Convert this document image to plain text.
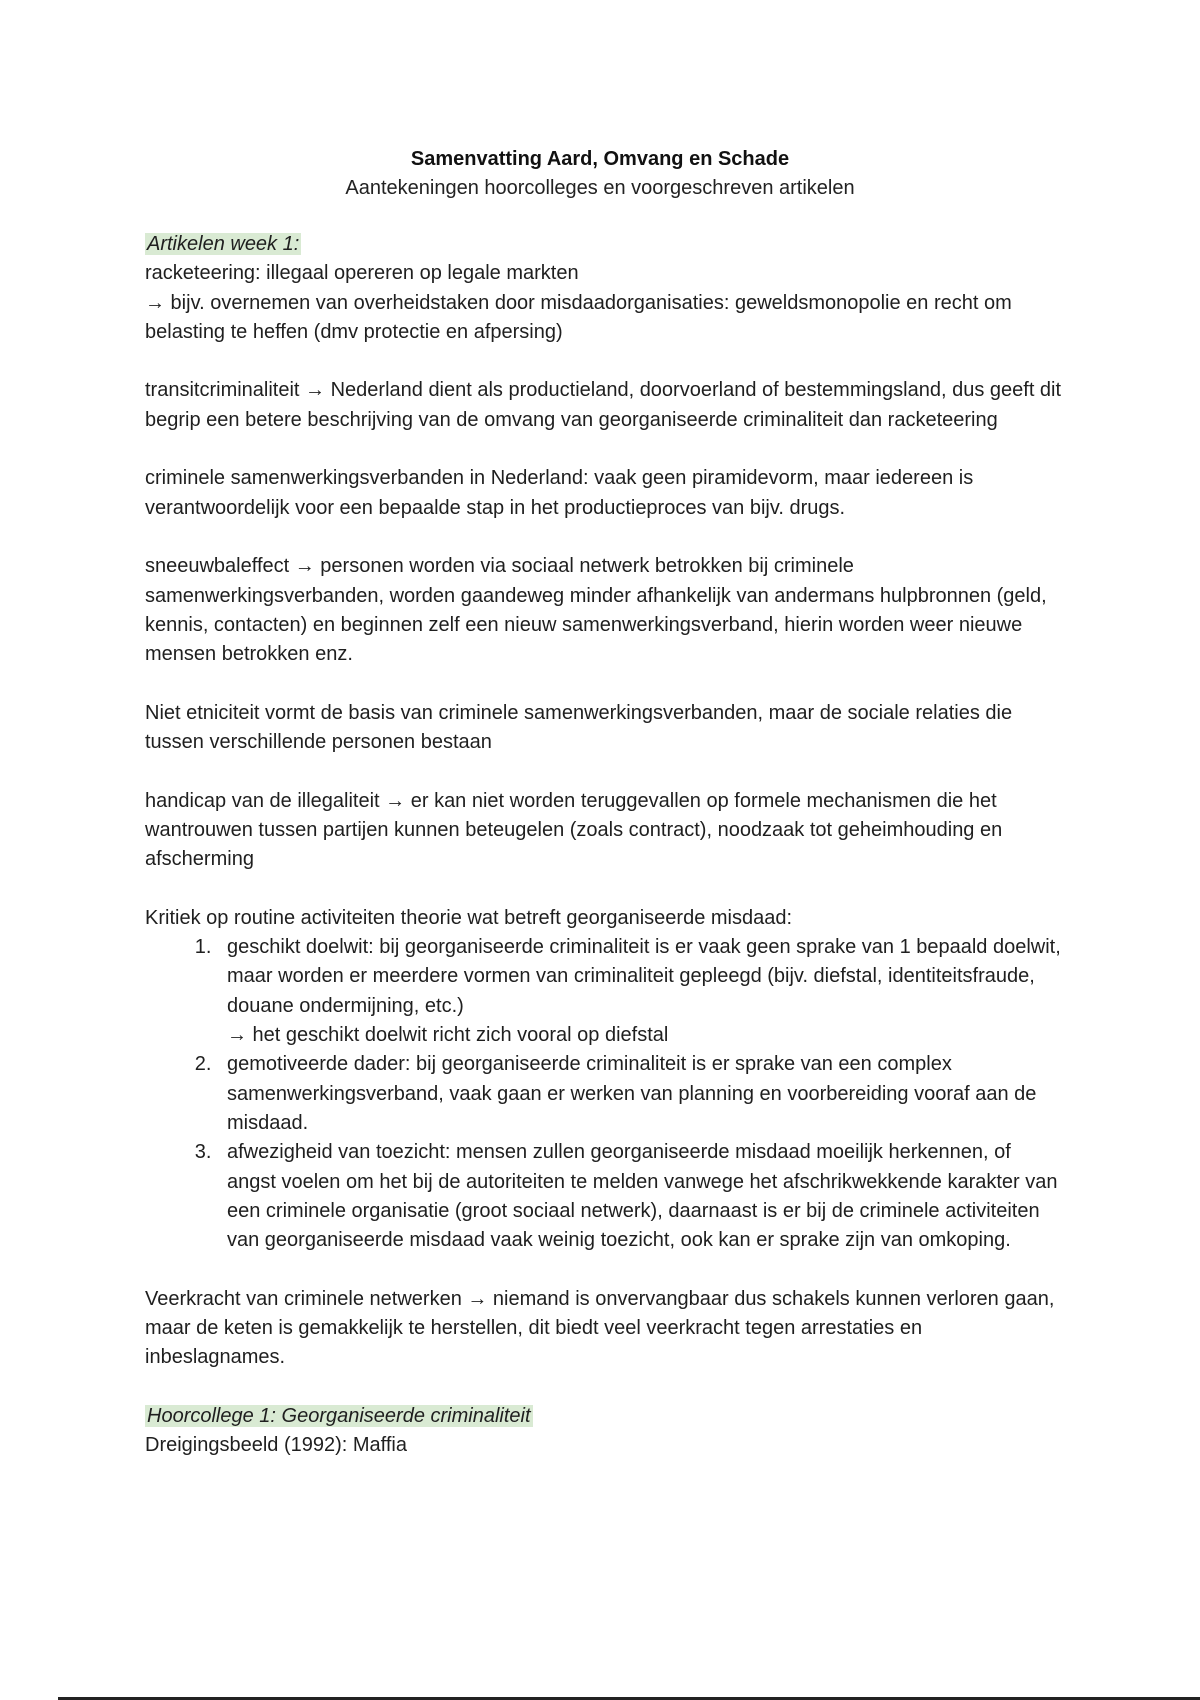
Samenvatting Aard, Omvang en Schade
Aantekeningen hoorcolleges en voorgeschreven artikelen

Artikelen week 1:

racketeering: illegaal opereren op legale markten

→ bijv. overnemen van overheidstaken door misdaadorganisaties: geweldsmonopolie en recht om belasting te heffen (dmv protectie en afpersing)

transitcriminaliteit → Nederland dient als productieland, doorvoerland of bestemmingsland, dus geeft dit begrip een betere beschrijving van de omvang van georganiseerde criminaliteit dan racketeering

criminele samenwerkingsverbanden in Nederland: vaak geen piramidevorm, maar iedereen is verantwoordelijk voor een bepaalde stap in het productieproces van bijv. drugs.

sneeuwbaleffect → personen worden via sociaal netwerk betrokken bij criminele samenwerkingsverbanden, worden gaandeweg minder afhankelijk van andermans hulpbronnen (geld, kennis, contacten) en beginnen zelf een nieuw samenwerkingsverband, hierin worden weer nieuwe mensen betrokken enz.

Niet etniciteit vormt de basis van criminele samenwerkingsverbanden, maar de sociale relaties die tussen verschillende personen bestaan

handicap van de illegaliteit → er kan niet worden teruggevallen op formele mechanismen die het wantrouwen tussen partijen kunnen beteugelen (zoals contract), noodzaak tot geheimhouding en afscherming

Kritiek op routine activiteiten theorie wat betreft georganiseerde misdaad:

1. geschikt doelwit: bij georganiseerde criminaliteit is er vaak geen sprake van 1 bepaald doelwit, maar worden er meerdere vormen van criminaliteit gepleegd (bijv. diefstal, identiteitsfraude, douane ondermijning, etc.)
→ het geschikt doelwit richt zich vooral op diefstal
2. gemotiveerde dader: bij georganiseerde criminaliteit is er sprake van een complex samenwerkingsverband, vaak gaan er werken van planning en voorbereiding vooraf aan de misdaad.
3. afwezigheid van toezicht: mensen zullen georganiseerde misdaad moeilijk herkennen, of angst voelen om het bij de autoriteiten te melden vanwege het afschrikwekkende karakter van een criminele organisatie (groot sociaal netwerk), daarnaast is er bij de criminele activiteiten van georganiseerde misdaad vaak weinig toezicht, ook kan er sprake zijn van omkoping.

Veerkracht van criminele netwerken → niemand is onvervangbaar dus schakels kunnen verloren gaan, maar de keten is gemakkelijk te herstellen, dit biedt veel veerkracht tegen arrestaties en inbeslagnames.

Hoorcollege 1: Georganiseerde criminaliteit

Dreigingsbeeld (1992): Maffia
